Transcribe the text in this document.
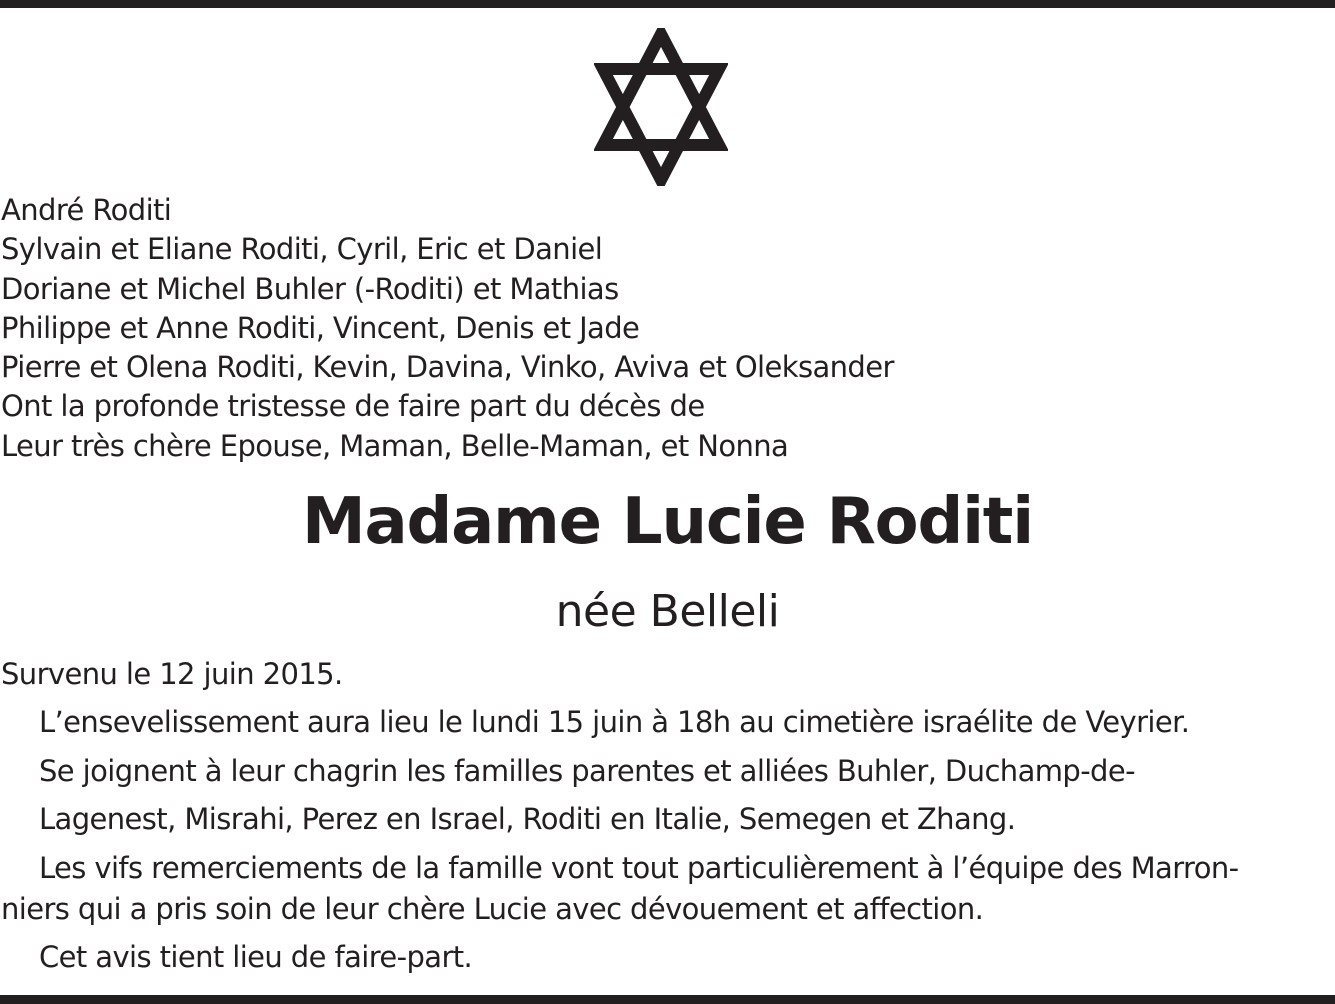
André Roditi
Sylvain et Eliane Roditi, Cyril, Eric et Daniel
Doriane et Michel Buhler (-Roditi) et Mathias
Philippe et Anne Roditi, Vincent, Denis et Jade
Pierre et Olena Roditi, Kevin, Davina, Vinko, Aviva et Oleksander
Ont la profonde tristesse de faire part du décès de
Leur très chère Epouse, Maman, Belle-Maman, et Nonna
Madame Lucie Roditi
née Belleli
Survenu le 12 juin 2015.
L’ensevelissement aura lieu le lundi 15 juin à 18h au cimetière israélite de Veyrier.
Se joignent à leur chagrin les familles parentes et alliées Buhler, Duchamp-de-
Lagenest, Misrahi, Perez en Israel, Roditi en Italie, Semegen et Zhang.
Les vifs remerciements de la famille vont tout particulièrement à l’équipe des Marron-
niers qui a pris soin de leur chère Lucie avec dévouement et affection.
Cet avis tient lieu de faire-part.
